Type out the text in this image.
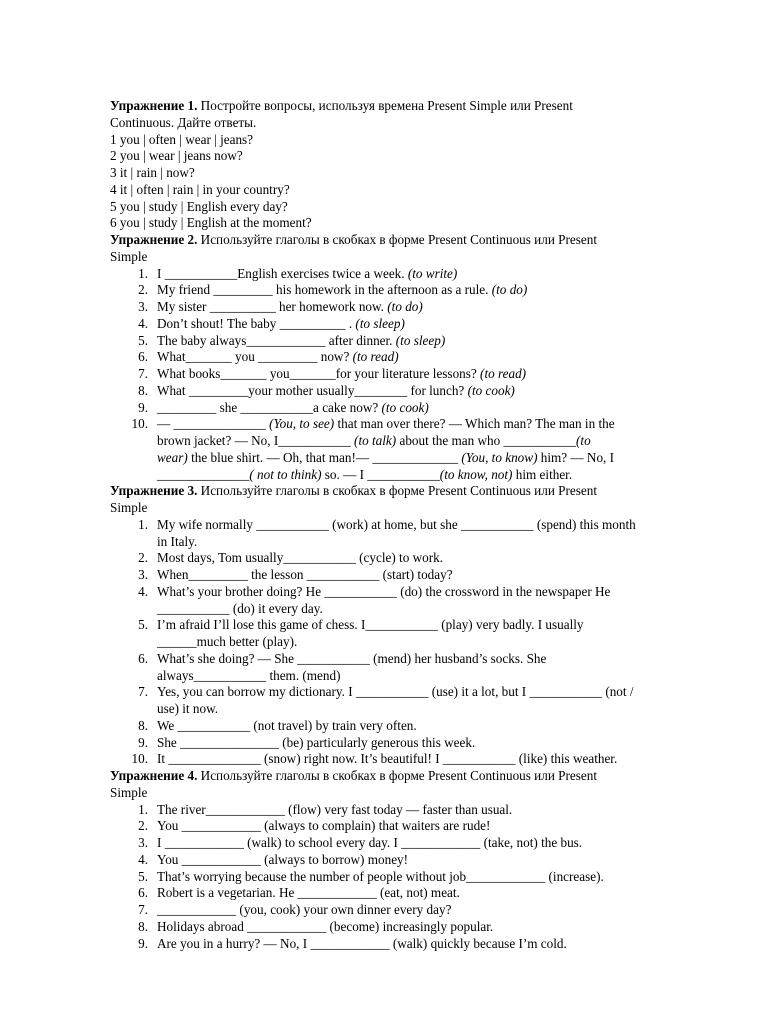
Упражнение 1. Постройте вопросы, используя времена Present Simple или Present
Continuous. Дайте ответы.
1 you | often | wear | jeans?
2 you | wear | jeans now?
3 it | rain | now?
4 it | often | rain | in your country?
5 you | study | English every day?
6 you | study | English at the moment?
Упражнение 2. Используйте глаголы в скобках в форме Present Continuous или Present
Simple
1. I ___________English exercises twice a week. (to write)
2. My friend _________ his homework in the afternoon as a rule. (to do)
3. My sister __________ her homework now. (to do)
4. Don’t shout! The baby __________ . (to sleep)
5. The baby always____________ after dinner. (to sleep)
6. What_______ you _________ now? (to read)
7. What books_______ you_______for your literature lessons? (to read)
8. What _________your mother usually________ for lunch? (to cook)
9. _________ she ___________a cake now? (to cook)
10. — ______________ (You, to see) that man over there? — Which man? The man in the
brown jacket? — No, I___________ (to talk) about the man who ___________(to
wear) the blue shirt. — Oh, that man!— _____________ (You, to know) him? — No, I
______________( not to think) so. — I ___________(to know, not) him either.
Упражнение 3. Используйте глаголы в скобках в форме Present Continuous или Present
Simple
1. My wife normally ___________ (work) at home, but she ___________ (spend) this month
in Italy.
2. Most days, Tom usually___________ (cycle) to work.
3. When_________ the lesson ___________ (start) today?
4. What’s your brother doing? He ___________ (do) the crossword in the newspaper He
___________ (do) it every day.
5. I’m afraid I’ll lose this game of chess. I___________ (play) very badly. I usually
______much better (play).
6. What’s she doing? — She ___________ (mend) her husband’s socks. She
always___________ them. (mend)
7. Yes, you can borrow my dictionary. I ___________ (use) it a lot, but I ___________ (not /
use) it now.
8. We ___________ (not travel) by train very often.
9. She _______________ (be) particularly generous this week.
10. It ______________ (snow) right now. It’s beautiful! I ___________ (like) this weather.
Упражнение 4. Используйте глаголы в скобках в форме Present Continuous или Present
Simple
1. The river____________ (flow) very fast today — faster than usual.
2. You ____________ (always to complain) that waiters are rude!
3. I ____________ (walk) to school every day. I ____________ (take, not) the bus.
4. You ____________ (always to borrow) money!
5. That’s worrying because the number of people without job____________ (increase).
6. Robert is a vegetarian. He ____________ (eat, not) meat.
7. ____________ (you, cook) your own dinner every day?
8. Holidays abroad ____________ (become) increasingly popular.
9. Are you in a hurry? — No, I ____________ (walk) quickly because I’m cold.
